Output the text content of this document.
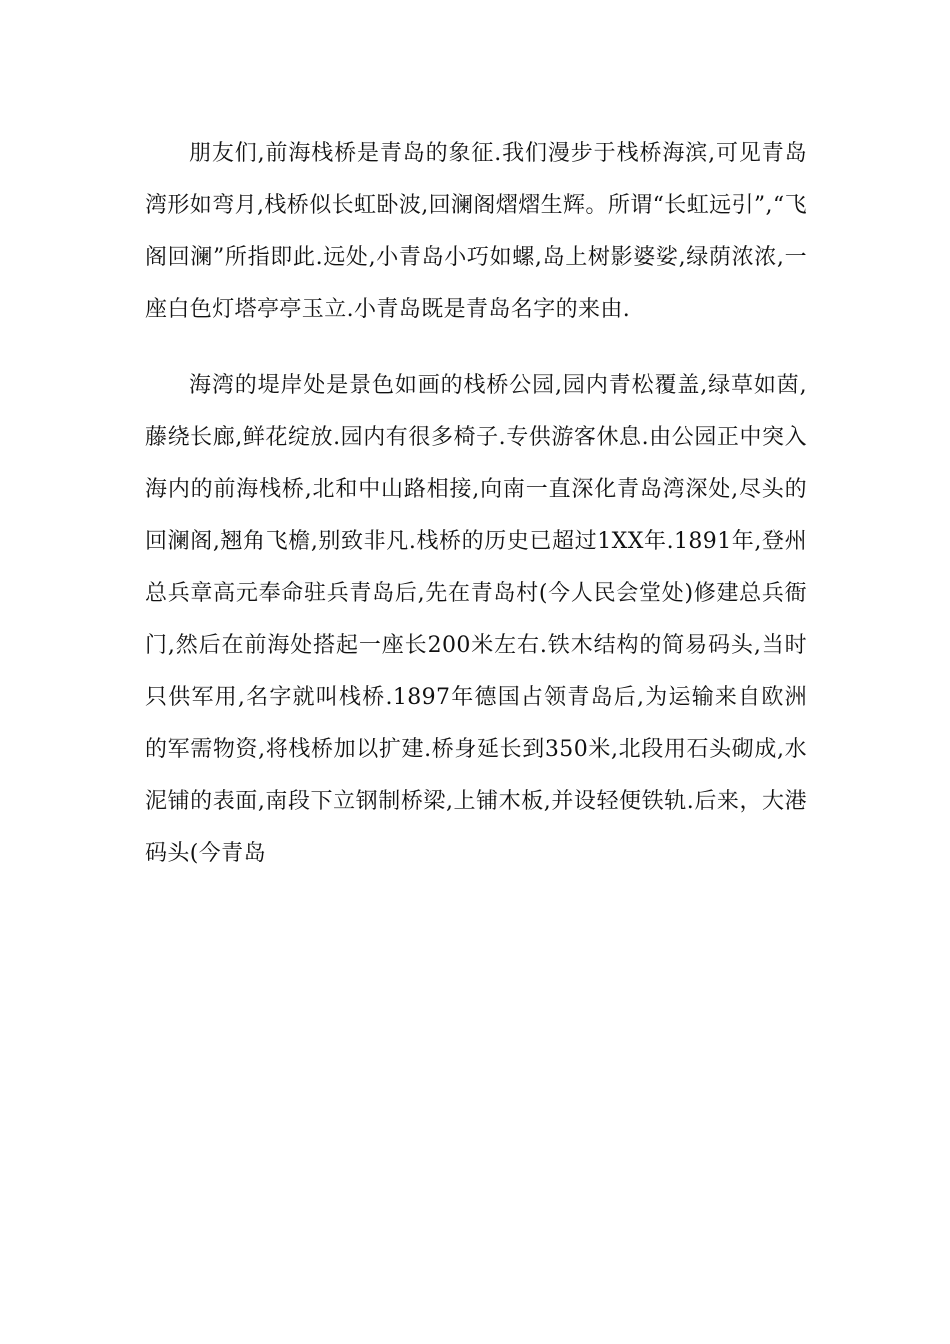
朋友们,前海栈桥是青岛的象征.我们漫步于栈桥海滨,可见青岛湾形如弯月,栈桥似长虹卧波,回澜阁熠熠生辉。所谓“长虹远引”,“飞阁回澜”所指即此.远处,小青岛小巧如螺,岛上树影婆娑,绿荫浓浓,一座白色灯塔亭亭玉立.小青岛既是青岛名字的来由.

海湾的堤岸处是景色如画的栈桥公园,园内青松覆盖,绿草如茵,藤绕长廊,鲜花绽放.园内有很多椅子.专供游客休息.由公园正中突入海内的前海栈桥,北和中山路相接,向南一直深化青岛湾深处,尽头的回澜阁,翘角飞檐,别致非凡.栈桥的历史已超过1XX年.1891年,登州总兵章高元奉命驻兵青岛后,先在青岛村(今人民会堂处)修建总兵衙门,然后在前海处搭起一座长200米左右.铁木结构的简易码头,当时只供军用,名字就叫栈桥.1897年德国占领青岛后,为运输来自欧洲的军需物资,将栈桥加以扩建.桥身延长到350米,北段用石头砌成,水泥铺的表面,南段下立钢制桥梁,上铺木板,并设轻便铁轨.后来，大港码头(今青岛
